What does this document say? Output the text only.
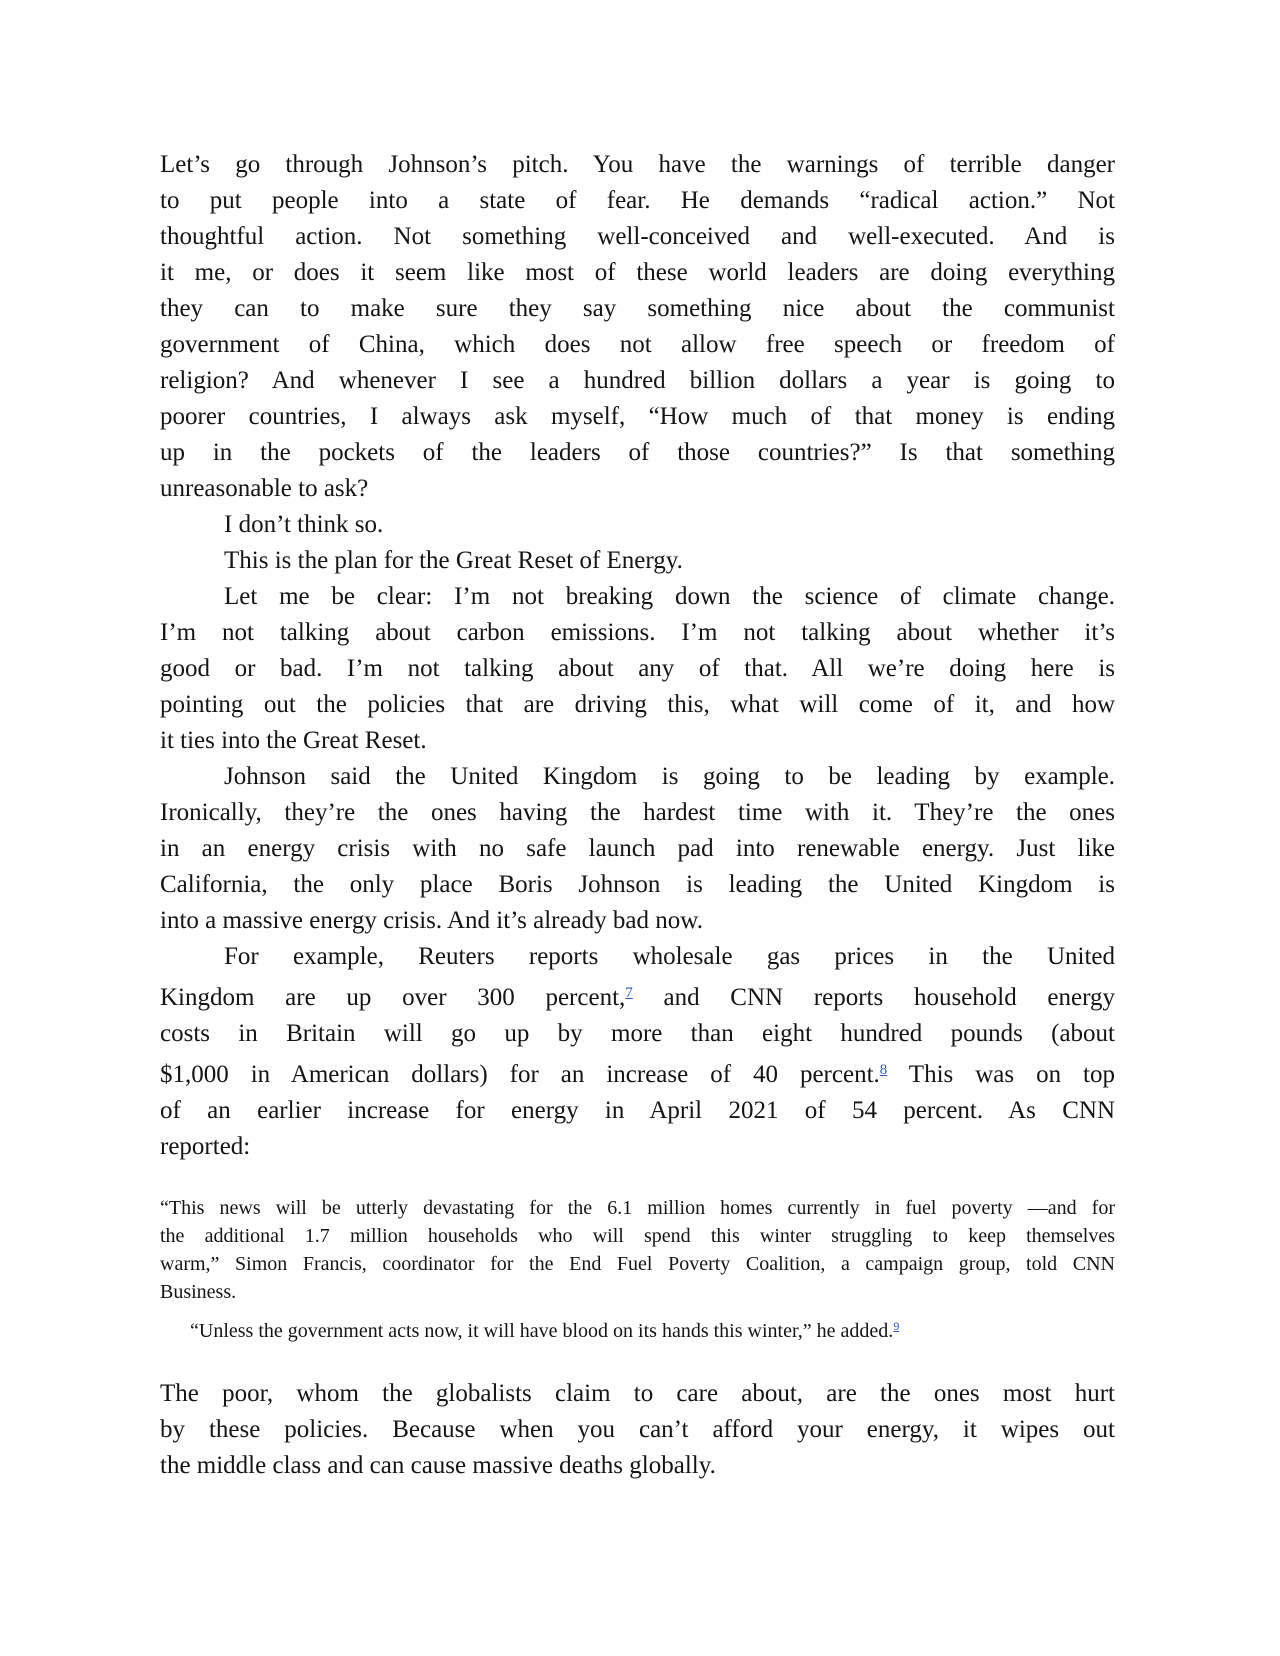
Let’s go through Johnson’s pitch. You have the warnings of terrible danger
to put people into a state of fear. He demands “radical action.” Not
thoughtful action. Not something well-conceived and well-executed. And is
it me, or does it seem like most of these world leaders are doing everything
they can to make sure they say something nice about the communist
government of China, which does not allow free speech or freedom of
religion? And whenever I see a hundred billion dollars a year is going to
poorer countries, I always ask myself, “How much of that money is ending
up in the pockets of the leaders of those countries?” Is that something
unreasonable to ask?
I don’t think so.
This is the plan for the Great Reset of Energy.
Let me be clear: I’m not breaking down the science of climate change.
I’m not talking about carbon emissions. I’m not talking about whether it’s
good or bad. I’m not talking about any of that. All we’re doing here is
pointing out the policies that are driving this, what will come of it, and how
it ties into the Great Reset.
Johnson said the United Kingdom is going to be leading by example.
Ironically, they’re the ones having the hardest time with it. They’re the ones
in an energy crisis with no safe launch pad into renewable energy. Just like
California, the only place Boris Johnson is leading the United Kingdom is
into a massive energy crisis. And it’s already bad now.
For example, Reuters reports wholesale gas prices in the United
Kingdom are up over 300 percent,$^7$ and CNN reports household energy
costs in Britain will go up by more than eight hundred pounds (about
$1,000 in American dollars) for an increase of 40 percent.$^8$ This was on top
of an earlier increase for energy in April 2021 of 54 percent. As CNN
reported:
“This news will be utterly devastating for the 6.1 million homes currently in fuel poverty —and for
the additional 1.7 million households who will spend this winter struggling to keep themselves
warm,” Simon Francis, coordinator for the End Fuel Poverty Coalition, a campaign group, told CNN
Business.
“Unless the government acts now, it will have blood on its hands this winter,” he added.$^9$
The poor, whom the globalists claim to care about, are the ones most hurt
by these policies. Because when you can’t afford your energy, it wipes out
the middle class and can cause massive deaths globally.
